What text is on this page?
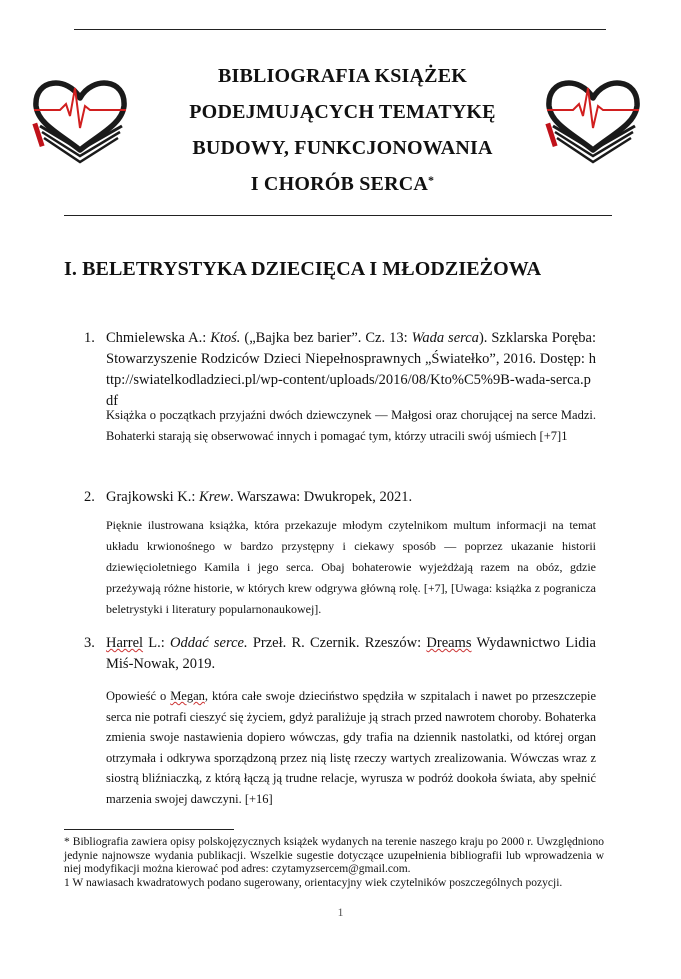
BIBLIOGRAFIA KSIĄŻEK
PODEJMUJĄCYCH TEMATYKĘ
BUDOWY, FUNKCJONOWANIA
I CHORÓB SERCA*
I. BELETRYSTYKA DZIECIĘCA I MŁODZIEŻOWA
1. Chmielewska A.: Ktoś. („Bajka bez barier”. Cz. 13: Wada serca). Szklarska Poręba: Stowarzyszenie Rodziców Dzieci Niepełnosprawnych „Światełko”, 2016. Dostęp: http://swiatelkodladzieci.pl/wp-content/uploads/2016/08/Kto%C5%9B-wada-serca.pdf
Książka o początkach przyjaźni dwóch dziewczynek — Małgosi oraz chorującej na serce Madzi. Bohaterki starają się obserwować innych i pomagać tym, którzy utracili swój uśmiech [+7]1
2. Grajkowski K.: Krew. Warszawa: Dwukropek, 2021.
Pięknie ilustrowana książka, która przekazuje młodym czytelnikom multum informacji na temat układu krwionośnego w bardzo przystępny i ciekawy sposób — poprzez ukazanie historii dziewięcioletniego Kamila i jego serca. Obaj bohaterowie wyjeżdżają razem na obóz, gdzie przeżywają różne historie, w których krew odgrywa główną rolę. [+7], [Uwaga: książka z pogranicza beletrystyki i literatury popularnonaukowej].
3. Harrel L.: Oddać serce. Przeł. R. Czernik. Rzeszów: Dreams Wydawnictwo Lidia Miś-Nowak, 2019.
Opowieść o Megan, która całe swoje dzieciństwo spędziła w szpitalach i nawet po przeszczepie serca nie potrafi cieszyć się życiem, gdyż paraliżuje ją strach przed nawrotem choroby. Bohaterka zmienia swoje nastawienia dopiero wówczas, gdy trafia na dziennik nastolatki, od której organ otrzymała i odkrywa sporządzoną przez nią listę rzeczy wartych zrealizowania. Wówczas wraz z siostrą bliźniaczką, z którą łączą ją trudne relacje, wyrusza w podróż dookoła świata, aby spełnić marzenia swojej dawczyni. [+16]

* Bibliografia zawiera opisy polskojęzycznych książek wydanych na terenie naszego kraju po 2000 r. Uwzględniono jedynie najnowsze wydania publikacji. Wszelkie sugestie dotyczące uzupełnienia bibliografii lub wprowadzenia w niej modyfikacji można kierować pod adres: czytamyzsercem@gmail.com.

1 W nawiasach kwadratowych podano sugerowany, orientacyjny wiek czytelników poszczególnych pozycji.

1
